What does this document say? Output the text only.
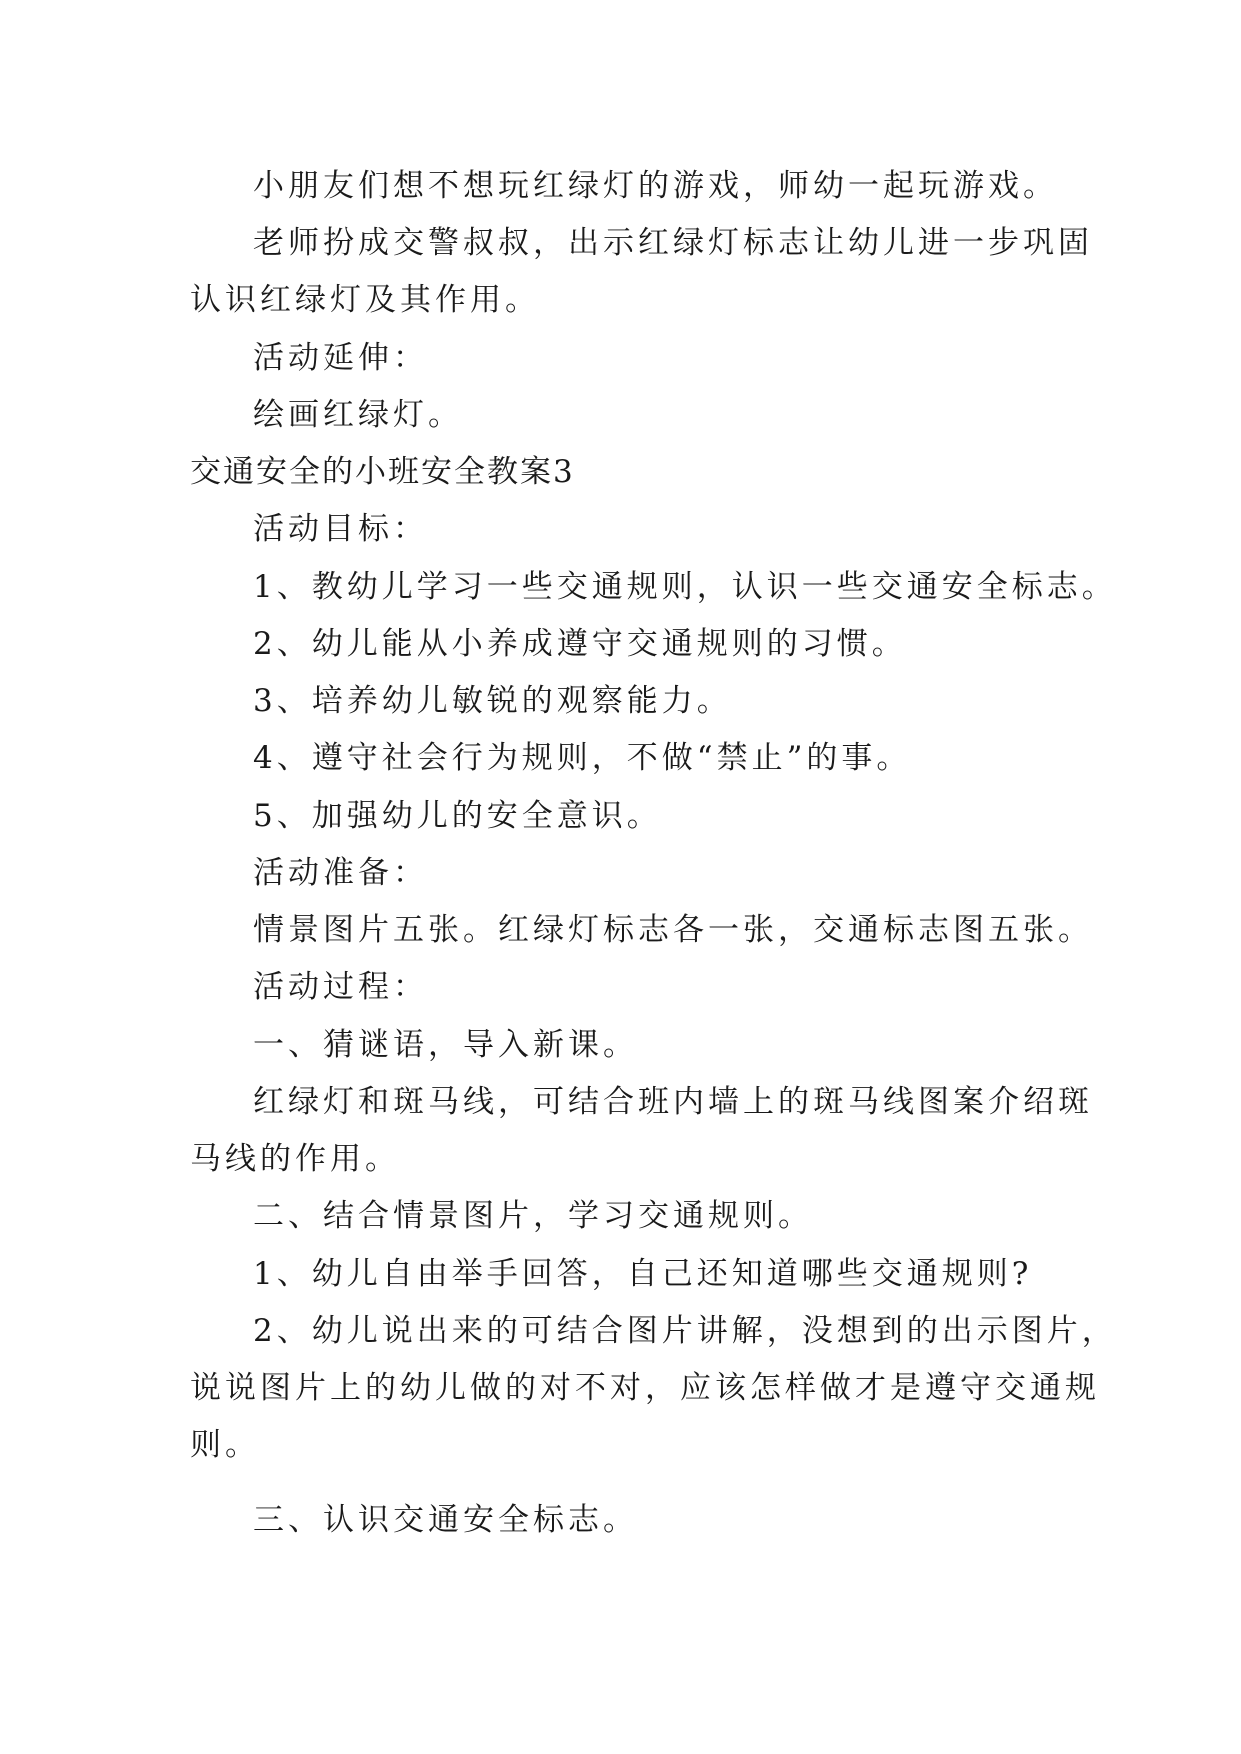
小朋友们想不想玩红绿灯的游戏，师幼一起玩游戏。
老师扮成交警叔叔，出示红绿灯标志让幼儿进一步巩固
认识红绿灯及其作用。
活动延伸：
绘画红绿灯。
交通安全的小班安全教案3
活动目标：
1、教幼儿学习一些交通规则，认识一些交通安全标志。
2、幼儿能从小养成遵守交通规则的习惯。
3、培养幼儿敏锐的观察能力。
4、遵守社会行为规则，不做“禁止”的事。
5、加强幼儿的安全意识。
活动准备：
情景图片五张。红绿灯标志各一张，交通标志图五张。
活动过程：
一、猜谜语，导入新课。
红绿灯和斑马线，可结合班内墙上的斑马线图案介绍斑
马线的作用。
二、结合情景图片，学习交通规则。
1、幼儿自由举手回答，自己还知道哪些交通规则?
2、幼儿说出来的可结合图片讲解，没想到的出示图片，
说说图片上的幼儿做的对不对，应该怎样做才是遵守交通规
则。
三、认识交通安全标志。
